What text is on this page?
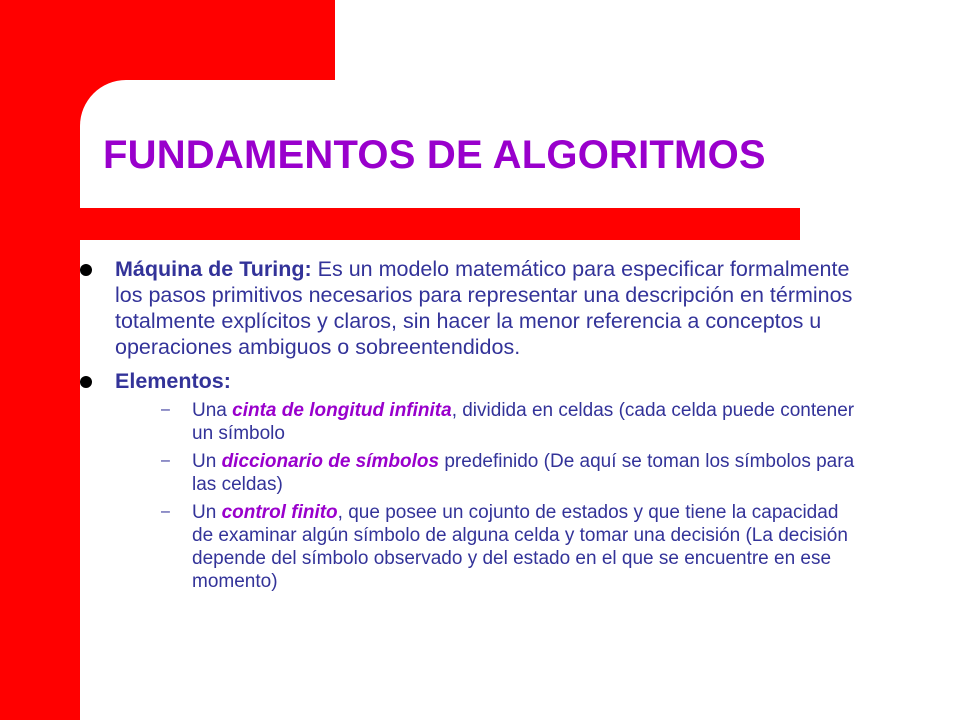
FUNDAMENTOS DE ALGORITMOS
Máquina de Turing: Es un modelo matemático para especificar formalmente los pasos primitivos necesarios para representar una descripción en términos totalmente explícitos y claros, sin hacer la menor referencia a conceptos u operaciones ambiguos o sobreentendidos.
Elementos:
– Una cinta de longitud infinita, dividida en celdas (cada celda puede contener un símbolo
– Un diccionario de símbolos predefinido (De aquí se toman los símbolos para las celdas)
– Un control finito, que posee un cojunto de estados y que tiene la capacidad de examinar algún símbolo de alguna celda y tomar una decisión (La decisión depende del símbolo observado y del estado en el que se encuentre en ese momento)
